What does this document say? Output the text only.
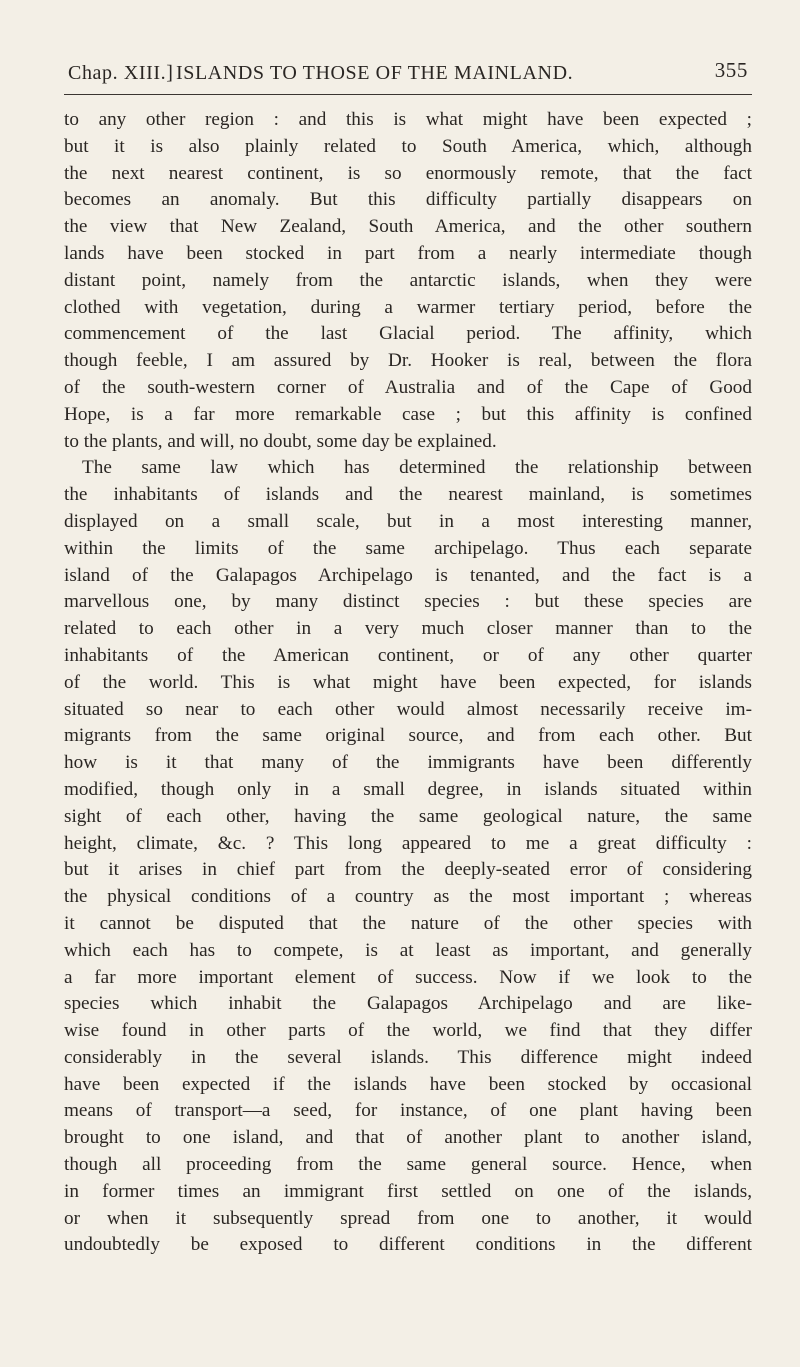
Chap. XIII.] ISLANDS TO THOSE OF THE MAINLAND.	355
to any other region : and this is what might have been expected ;
but it is also plainly related to South America, which, although
the next nearest continent, is so enormously remote, that the fact
becomes an anomaly. But this difficulty partially disappears on
the view that New Zealand, South America, and the other southern
lands have been stocked in part from a nearly intermediate though
distant point, namely from the antarctic islands, when they were
clothed with vegetation, during a warmer tertiary period, before the
commencement of the last Glacial period. The affinity, which
though feeble, I am assured by Dr. Hooker is real, between the flora
of the south-western corner of Australia and of the Cape of Good
Hope, is a far more remarkable case ; but this affinity is confined
to the plants, and will, no doubt, some day be explained.
The same law which has determined the relationship between
the inhabitants of islands and the nearest mainland, is sometimes
displayed on a small scale, but in a most interesting manner,
within the limits of the same archipelago. Thus each separate
island of the Galapagos Archipelago is tenanted, and the fact is a
marvellous one, by many distinct species : but these species are
related to each other in a very much closer manner than to the
inhabitants of the American continent, or of any other quarter
of the world. This is what might have been expected, for islands
situated so near to each other would almost necessarily receive im-
migrants from the same original source, and from each other. But
how is it that many of the immigrants have been differently
modified, though only in a small degree, in islands situated within
sight of each other, having the same geological nature, the same
height, climate, &c. ? This long appeared to me a great difficulty :
but it arises in chief part from the deeply-seated error of considering
the physical conditions of a country as the most important ; whereas
it cannot be disputed that the nature of the other species with
which each has to compete, is at least as important, and generally
a far more important element of success. Now if we look to the
species which inhabit the Galapagos Archipelago and are like-
wise found in other parts of the world, we find that they differ
considerably in the several islands. This difference might indeed
have been expected if the islands have been stocked by occasional
means of transport—a seed, for instance, of one plant having been
brought to one island, and that of another plant to another island,
though all proceeding from the same general source. Hence, when
in former times an immigrant first settled on one of the islands,
or when it subsequently spread from one to another, it would
undoubtedly be exposed to different conditions in the different
